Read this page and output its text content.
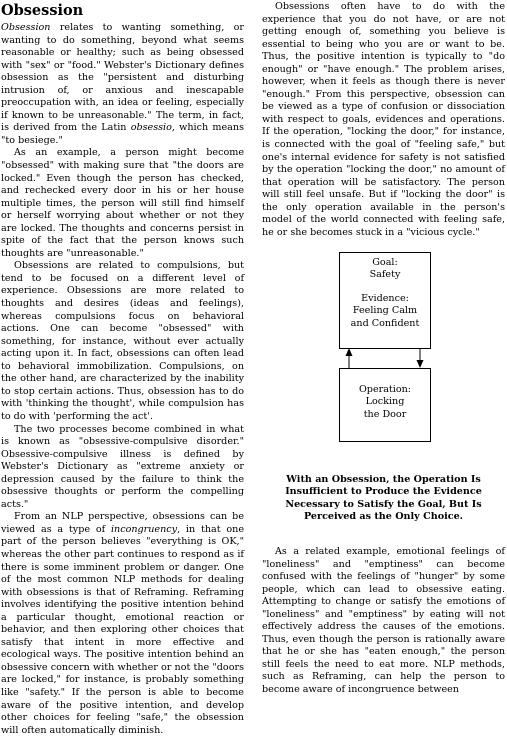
Obsession

Obsession relates to wanting something, or wanting to do something, beyond what seems reasonable or healthy; such as being obsessed with "sex" or "food." Webster's Dictionary defines obsession as the "persistent and disturbing intrusion of, or anxious and inescapable preoccupation with, an idea or feeling, especially if known to be unreasonable." The term, in fact, is derived from the Latin obsessio, which means "to besiege."

As an example, a person might become "obsessed" with making sure that "the doors are locked." Even though the person has checked, and rechecked every door in his or her house multiple times, the person will still find himself or herself worrying about whether or not they are locked. The thoughts and concerns persist in spite of the fact that the person knows such thoughts are "unreasonable."

Obsessions are related to compulsions, but tend to be focused on a different level of experience. Obsessions are more related to thoughts and desires (ideas and feelings), whereas compulsions focus on behavioral actions. One can become "obsessed" with something, for instance, without ever actually acting upon it. In fact, obsessions can often lead to behavioral immobilization. Compulsions, on the other hand, are characterized by the inability to stop certain actions. Thus, obsession has to do with 'thinking the thought', while compulsion has to do with 'performing the act'.

The two processes become combined in what is known as "obsessive-compulsive disorder." Obsessive-compulsive illness is defined by Webster's Dictionary as "extreme anxiety or depression caused by the failure to think the obsessive thoughts or perform the compelling acts."

From an NLP perspective, obsessions can be viewed as a type of incongruency, in that one part of the person believes "everything is OK," whereas the other part continues to respond as if there is some imminent problem or danger. One of the most common NLP methods for dealing with obsessions is that of Reframing. Reframing involves identifying the positive intention behind a particular thought, emotional reaction or behavior, and then exploring other choices that satisfy that intent in more effective and ecological ways. The positive intention behind an obsessive concern with whether or not the "doors are locked," for instance, is probably something like "safety." If the person is able to become aware of the positive intention, and develop other choices for feeling "safe," the obsession will often automatically diminish.

Obsessions often have to do with the experience that you do not have, or are not getting enough of, something you believe is essential to being who you are or want to be. Thus, the positive intention is typically to "do enough" or "have enough." The problem arises, however, when it feels as though there is never "enough." From this perspective, obsession can be viewed as a type of confusion or dissociation with respect to goals, evidences and operations. If the operation, "locking the door," for instance, is connected with the goal of "feeling safe," but one's internal evidence for safety is not satisfied by the operation "locking the door," no amount of that operation will be satisfactory. The person will still feel unsafe. But if "locking the door" is the only operation available in the person's model of the world connected with feeling safe, he or she becomes stuck in a "vicious cycle."

Goal:
Safety
Evidence:
Feeling Calm
and Confident
Operation:
Locking
the Door
With an Obsession, the Operation Is Insufficient to Produce the Evidence Necessary to Satisfy the Goal, But Is Perceived as the Only Choice.

As a related example, emotional feelings of "loneliness" and "emptiness" can become confused with the feelings of "hunger" by some people, which can lead to obsessive eating. Attempting to change or satisfy the emotions of "loneliness" and "emptiness" by eating will not effectively address the causes of the emotions. Thus, even though the person is rationally aware that he or she has "eaten enough," the person still feels the need to eat more. NLP methods, such as Reframing, can help the person to become aware of incongruence between
